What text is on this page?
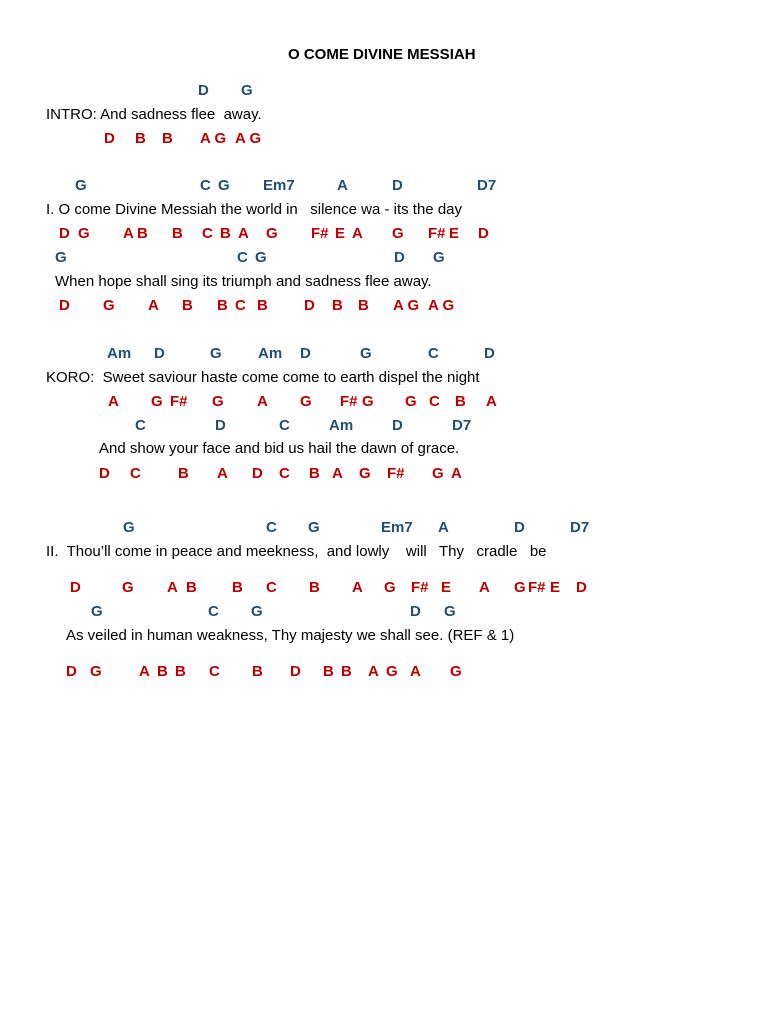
O COME DIVINE MESSIAH
D G
INTRO: And sadness flee  away.
D B B A G A G
G	C G Em7	A	D	D7
I. O come Divine Messiah the world in   silence wa - its the day
D G A B B C B A G F# E A G F# E D
G	C G	D G
When hope shall sing its triumph and sadness flee away.
D G A B B C B D B B A G A G
Am D	G Am D	G	C	D
KORO:  Sweet saviour haste come come to earth dispel the night
A G F# G A G F# G G C B A
C	D	C	Am	D	D7
And show your face and bid us hail the dawn of grace.
D C B A D C B A G F# G A
G	C G	Em7 A	D	D7
II.  Thou’ll come in peace and meekness,  and lowly    will   Thy   cradle   be
D	G A B B C B A G F# E A G F# E D
G	C G	D G
As veiled in human weakness, Thy majesty we shall see. (REF & 1)
D G A B B C B D B B A G A G
